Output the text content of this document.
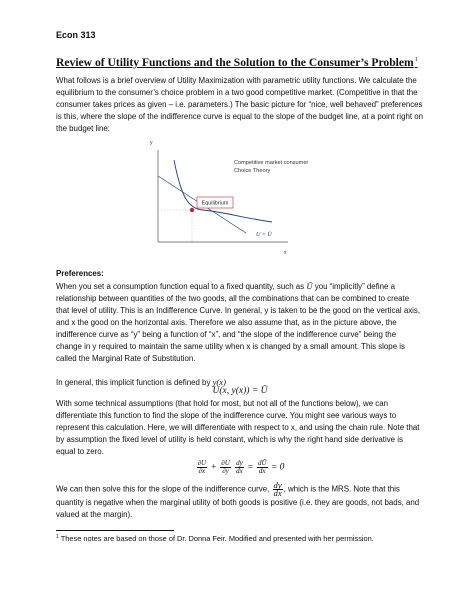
Econ 313
Review of Utility Functions and the Solution to the Consumer’s Problem$^1$
What follows is a brief overview of Utility Maximization with parametric utility functions. We calculate the equilibrium to the consumer’s choice problem in a two good competitive market. (Competitive in that the consumer takes prices as given – i.e. parameters.) The basic picture for “nice, well behaved” preferences is this, where the slope of the indifference curve is equal to the slope of the budget line, at a point right on the budget line:
y
x
Competitive market consumer
Choice Theory
Equilibrium
U = Ū
Preferences:
When you set a consumption function equal to a fixed quantity, such as Ū you “implicitly” define a relationship between quantities of the two goods, all the combinations that can be combined to create that level of utility. This is an Indifference Curve. In general, y is taken to be the good on the vertical axis, and x the good on the horizontal axis. Therefore we also assume that, as in the picture above, the indifference curve as “y” being a function of “x”, and “the slope of the indifference curve” being the change in y required to maintain the same utility when x is changed by a small amount. This slope is called the Marginal Rate of Substitution.
In general, this implicit function is defined by y(x)
U(x, y(x)) = Ū
With some technical assumptions (that hold for most, but not all of the functions below), we can differentiate this function to find the slope of the indifference curve. You might see various ways to represent this calculation. Here, we will differentiate with respect to x, and using the chain rule. Note that by assumption the fixed level of utility is held constant, which is why the right hand side derivative is equal to zero.
$\frac{\partial U}{\partial x} + \frac{\partial U}{\partial y}$
$\frac{dy}{dx} = \frac{dŪ}{dx} = 0$
We can then solve this for the slope of the indifference curve, $\frac{dy}{dx}$ , which is the MRS. Note that this quantity is negative when the marginal utility of both goods is positive (i.e. they are goods, not bads, and valued at the margin).
$^1$ These notes are based on those of Dr. Donna Feir. Modified and presented with her permission.
